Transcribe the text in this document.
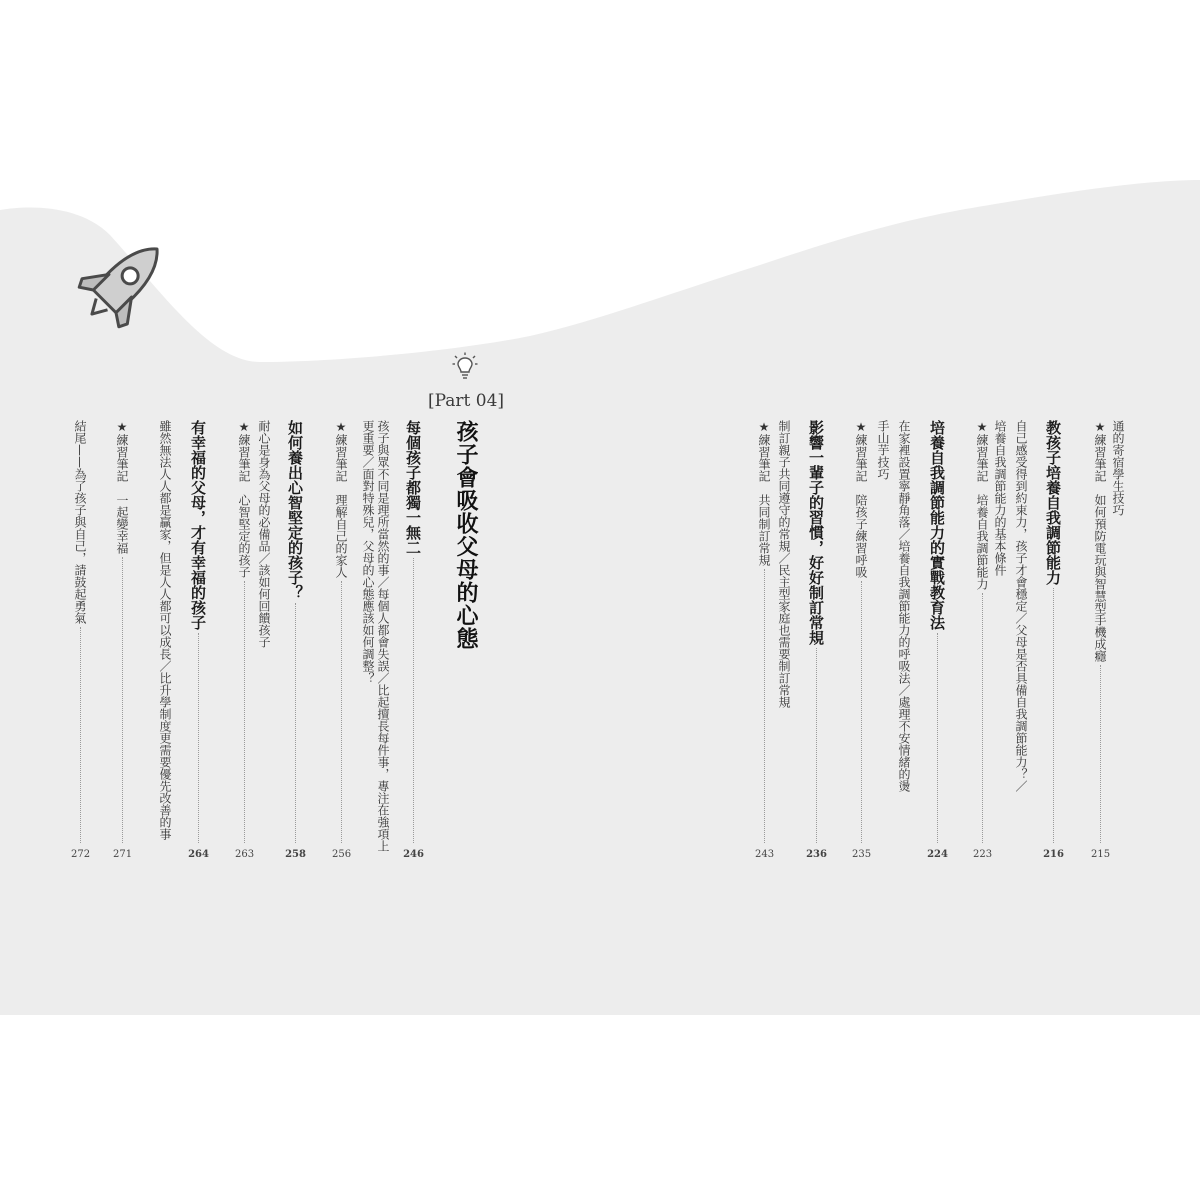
[Part 04]
通的寄宿學生技巧
★練習筆記　如何預防電玩與智慧型手機成癮
215
教孩子培養自我調節能力
216
自己感受得到約束力，孩子才會穩定／父母是否具備自我調節能力？／
培養自我調節能力的基本條件
★練習筆記　培養自我調節能力
223
培養自我調節能力的實戰教育法
224
在家裡設置寧靜角落／培養自我調節能力的呼吸法／處理不安情緒的燙
手山芋技巧
★練習筆記　陪孩子練習呼吸
235
影響一輩子的習慣，好好制訂常規
236
制訂親子共同遵守的常規／民主型家庭也需要制訂常規
★練習筆記　共同制訂常規
243
孩子會吸收父母的心態
每個孩子都獨一無二
246
孩子與眾不同是理所當然的事／每個人都會失誤／比起擅長每件事，專注在強項上更重要／面對特殊兒，父母的心態應該如何調整？
★練習筆記　理解自己的家人
256
如何養出心智堅定的孩子？
258
耐心是身為父母的必備品／該如何回饋孩子
★練習筆記　心智堅定的孩子
263
有幸福的父母，才有幸福的孩子
264
雖然無法人人都是贏家，但是人人都可以成長／比升學制度更需要優先改善的事
★練習筆記　一起變幸福
271
結尾——為了孩子與自己，請鼓起勇氣
272
